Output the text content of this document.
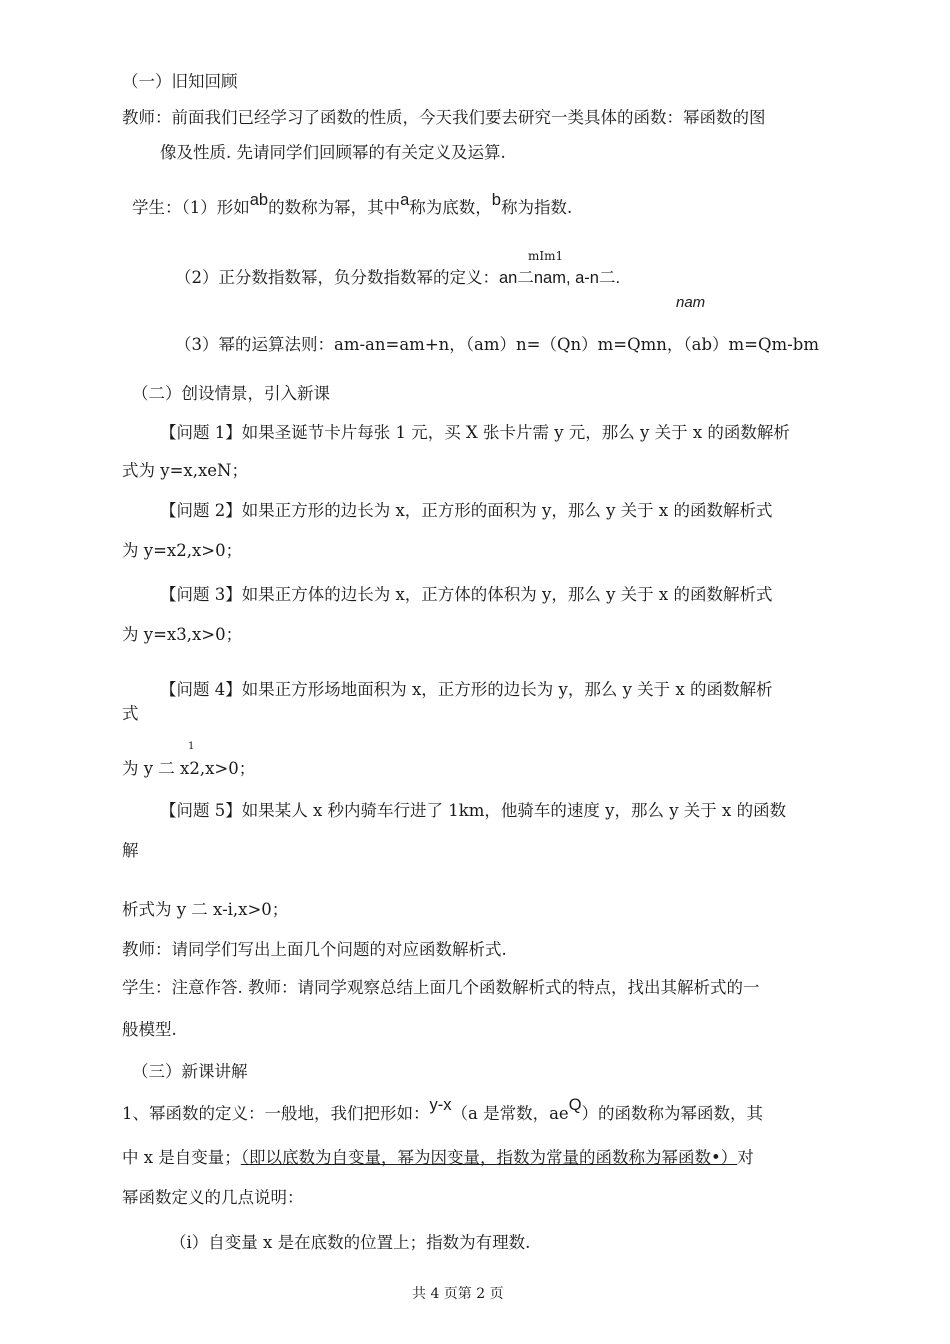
（一）旧知回顾
教师：前面我们已经学习了函数的性质，今天我们要去研究一类具体的函数：幂函数的图
像及性质. 先请同学们回顾幂的有关定义及运算.
学生：（1）形如ab的数称为幂，其中a称为底数，b称为指数.
mIm1
（2）正分数指数幂，负分数指数幂的定义：an二nam, a-n二.
nam
（3）幂的运算法则：am-an=am+n，（am）n=（Qn）m=Qmn，（ab）m=Qm-bm
（二）创设情景，引入新课
【问题 1】如果圣诞节卡片每张 1 元，买 X 张卡片需 y 元，那么 y 关于 x 的函数解析
式为 y=x,xeN；
【问题 2】如果正方形的边长为 x，正方形的面积为 y，那么 y 关于 x 的函数解析式
为 y=x2,x>0；
【问题 3】如果正方体的边长为 x，正方体的体积为 y，那么 y 关于 x 的函数解析式
为 y=x3,x>0；
【问题 4】如果正方形场地面积为 x，正方形的边长为 y，那么 y 关于 x 的函数解析
式
1
为 y 二 x2,x>0；
【问题 5】如果某人 x 秒内骑车行进了 1km，他骑车的速度 y，那么 y 关于 x 的函数
解
析式为 y 二 x-i,x>0；
教师：请同学们写出上面几个问题的对应函数解析式.
学生：注意作答. 教师：请同学观察总结上面几个函数解析式的特点，找出其解析式的一
般模型.
（三）新课讲解
1、幂函数的定义：一般地，我们把形如：y-x（a 是常数，aeQ）的函数称为幂函数，其
中 x 是自变量；（即以底数为自变量，幂为因变量，指数为常量的函数称为幂函数•）对
幂函数定义的几点说明：
（i）自变量 x 是在底数的位置上；指数为有理数.
共 4 页第 2 页
